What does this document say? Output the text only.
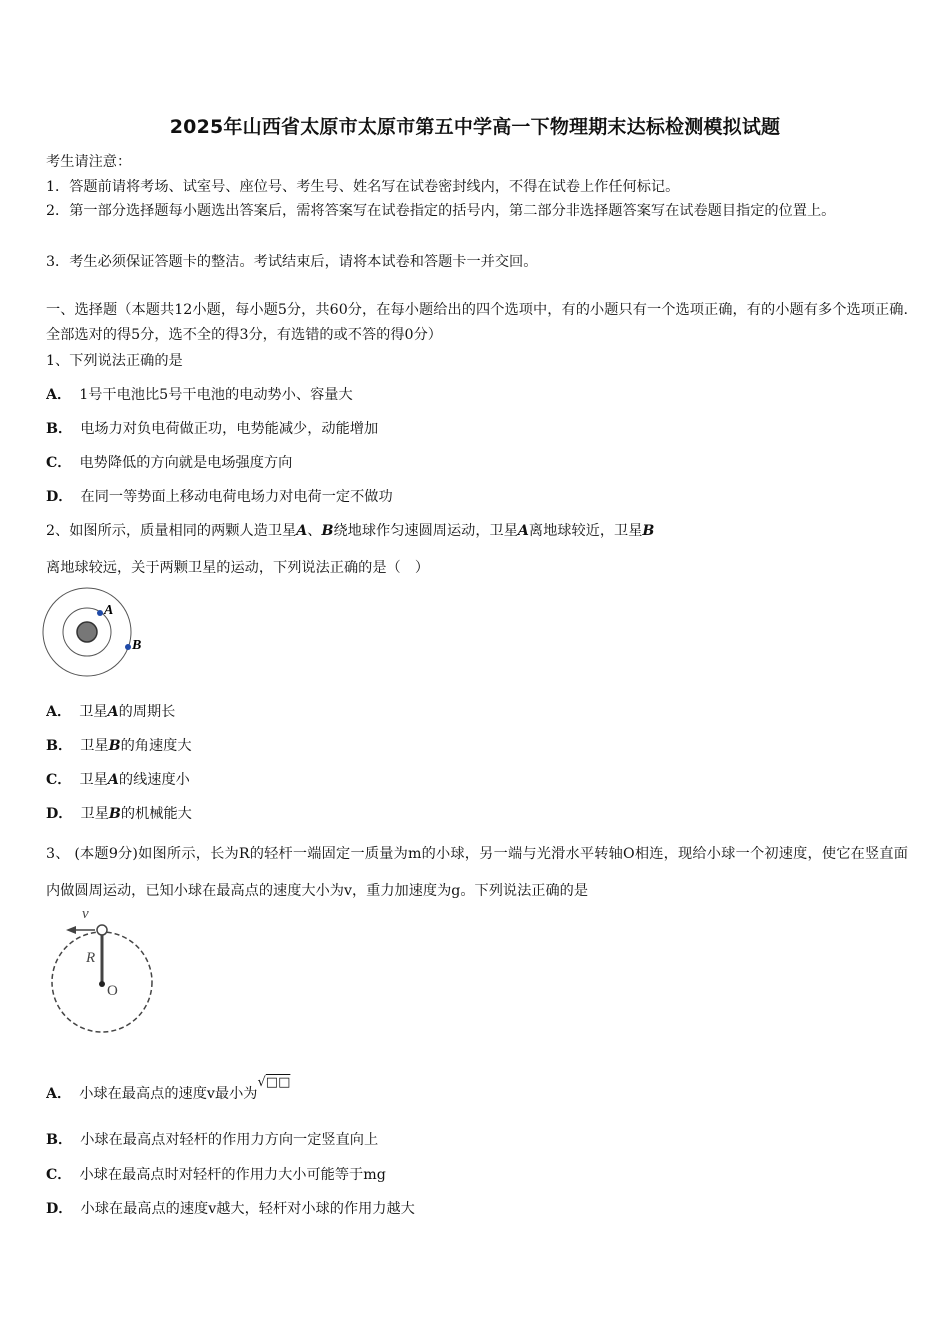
2025年山西省太原市太原市第五中学高一下物理期末达标检测模拟试题
考生请注意：
1．答题前请将考场、试室号、座位号、考生号、姓名写在试卷密封线内，不得在试卷上作任何标记。
2．第一部分选择题每小题选出答案后，需将答案写在试卷指定的括号内，第二部分非选择题答案写在试卷题目指定的位置上。
3．考生必须保证答题卡的整洁。考试结束后，请将本试卷和答题卡一并交回。
一、选择题（本题共12小题，每小题5分，共60分，在每小题给出的四个选项中，有的小题只有一个选项正确，有的小题有多个选项正确.全部选对的得5分，选不全的得3分，有选错的或不答的得0分）
1、下列说法正确的是
A． 1号干电池比5号干电池的电动势小、容量大
B． 电场力对负电荷做正功，电势能减少，动能增加
C． 电势降低的方向就是电场强度方向
D． 在同一等势面上移动电荷电场力对电荷一定不做功
2、如图所示，质量相同的两颗人造卫星A、B绕地球作匀速圆周运动，卫星A离地球较近，卫星B
离地球较远，关于两颗卫星的运动，下列说法正确的是（　）
A
B
A． 卫星A的周期长
B． 卫星B的角速度大
C． 卫星A的线速度小
D． 卫星B的机械能大
3、 (本题9分)如图所示，长为R的轻杆一端固定一质量为m的小球，另一端与光滑水平转轴O相连，现给小球一个初速度，使它在竖直面内做圆周运动，已知小球在最高点的速度大小为v，重力加速度为g。下列说法正确的是
v
R
O
A． 小球在最高点的速度v最小为√□□
B． 小球在最高点对轻杆的作用力方向一定竖直向上
C． 小球在最高点时对轻杆的作用力大小可能等于mg
D． 小球在最高点的速度v越大，轻杆对小球的作用力越大
